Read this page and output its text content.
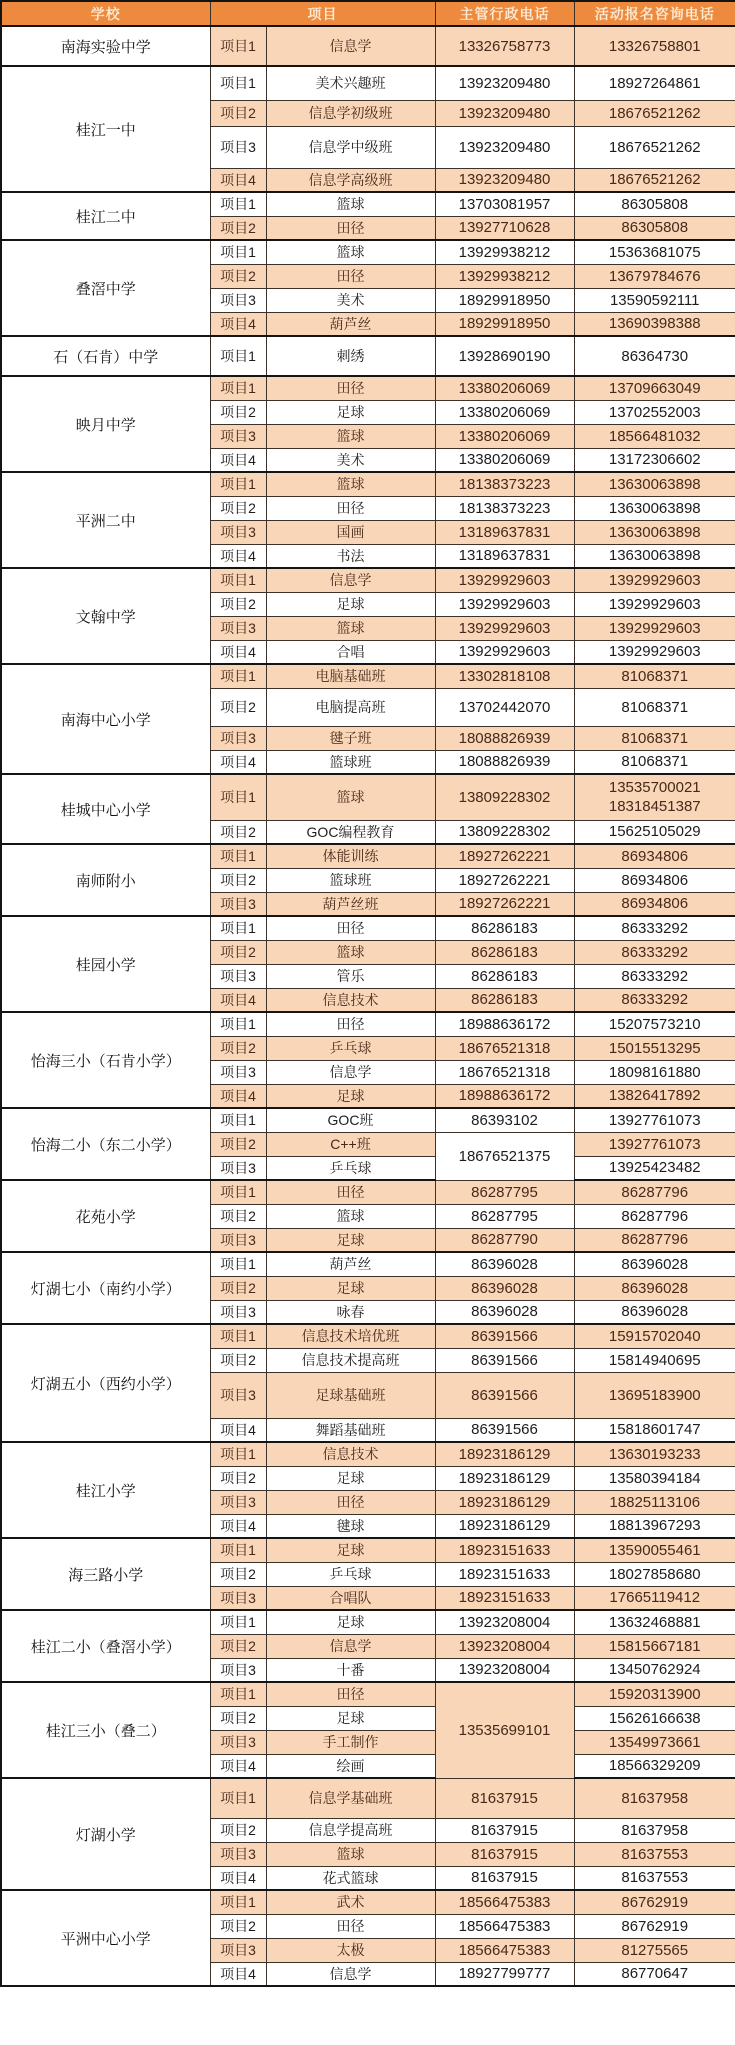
学校	项目		主管行政电话	活动报名咨询电话
南海实验中学	项目1	信息学	13326758773	13326758801
桂江一中	项目1	美术兴趣班	13923209480	18927264861
	项目2	信息学初级班	13923209480	18676521262
	项目3	信息学中级班	13923209480	18676521262
	项目4	信息学高级班	13923209480	18676521262
桂江二中	项目1	篮球	13703081957	86305808
	项目2	田径	13927710628	86305808
叠滘中学	项目1	篮球	13929938212	15363681075
	项目2	田径	13929938212	13679784676
	项目3	美术	18929918950	13590592111
	项目4	葫芦丝	18929918950	13690398388
石（石肯）中学	项目1	刺绣	13928690190	86364730
映月中学	项目1	田径	13380206069	13709663049
	项目2	足球	13380206069	13702552003
	项目3	篮球	13380206069	18566481032
	项目4	美术	13380206069	13172306602
平洲二中	项目1	篮球	18138373223	13630063898
	项目2	田径	18138373223	13630063898
	项目3	国画	13189637831	13630063898
	项目4	书法	13189637831	13630063898
文翰中学	项目1	信息学	13929929603	13929929603
	项目2	足球	13929929603	13929929603
	项目3	篮球	13929929603	13929929603
	项目4	合唱	13929929603	13929929603
南海中心小学	项目1	电脑基础班	13302818108	81068371
	项目2	电脑提高班	13702442070	81068371
	项目3	毽子班	18088826939	81068371
	项目4	篮球班	18088826939	81068371
桂城中心小学	项目1	篮球	13809228302	13535700021
18318451387

	项目2	GOC编程教育	13809228302	15625105029
南师附小	项目1	体能训练	18927262221	86934806
	项目2	篮球班	18927262221	86934806
	项目3	葫芦丝班	18927262221	86934806
桂园小学	项目1	田径	86286183	86333292
	项目2	篮球	86286183	86333292
	项目3	管乐	86286183	86333292
	项目4	信息技术	86286183	86333292
怡海三小（石肯小学）	项目1	田径	18988636172	15207573210
	项目2	乒乓球	18676521318	15015513295
	项目3	信息学	18676521318	18098161880
	项目4	足球	18988636172	13826417892
怡海二小（东二小学）	项目1	GOC班	86393102	13927761073
	项目2	C++班	18676521375	13927761073
	项目3	乒乓球		13925423482
花苑小学	项目1	田径	86287795	86287796
	项目2	篮球	86287795	86287796
	项目3	足球	86287790	86287796
灯湖七小（南约小学）	项目1	葫芦丝	86396028	86396028
	项目2	足球	86396028	86396028
	项目3	咏春	86396028	86396028
灯湖五小（西约小学）	项目1	信息技术培优班	86391566	15915702040
	项目2	信息技术提高班	86391566	15814940695
	项目3	足球基础班	86391566	13695183900
	项目4	舞蹈基础班	86391566	15818601747
桂江小学	项目1	信息技术	18923186129	13630193233
	项目2	足球	18923186129	13580394184
	项目3	田径	18923186129	18825113106
	项目4	毽球	18923186129	18813967293
海三路小学	项目1	足球	18923151633	13590055461
	项目2	乒乓球	18923151633	18027858680
	项目3	合唱队	18923151633	17665119412
桂江二小（叠滘小学）	项目1	足球	13923208004	13632468881
	项目2	信息学	13923208004	15815667181
	项目3	十番	13923208004	13450762924
桂江三小（叠二）	项目1	田径	13535699101	15920313900
	项目2	足球		15626166638
	项目3	手工制作		13549973661
	项目4	绘画		18566329209
灯湖小学	项目1	信息学基础班	81637915	81637958
	项目2	信息学提高班	81637915	81637958
	项目3	篮球	81637915	81637553
	项目4	花式篮球	81637915	81637553
平洲中心小学	项目1	武术	18566475383	86762919
	项目2	田径	18566475383	86762919
	项目3	太极	18566475383	81275565
	项目4	信息学	18927799777	86770647
